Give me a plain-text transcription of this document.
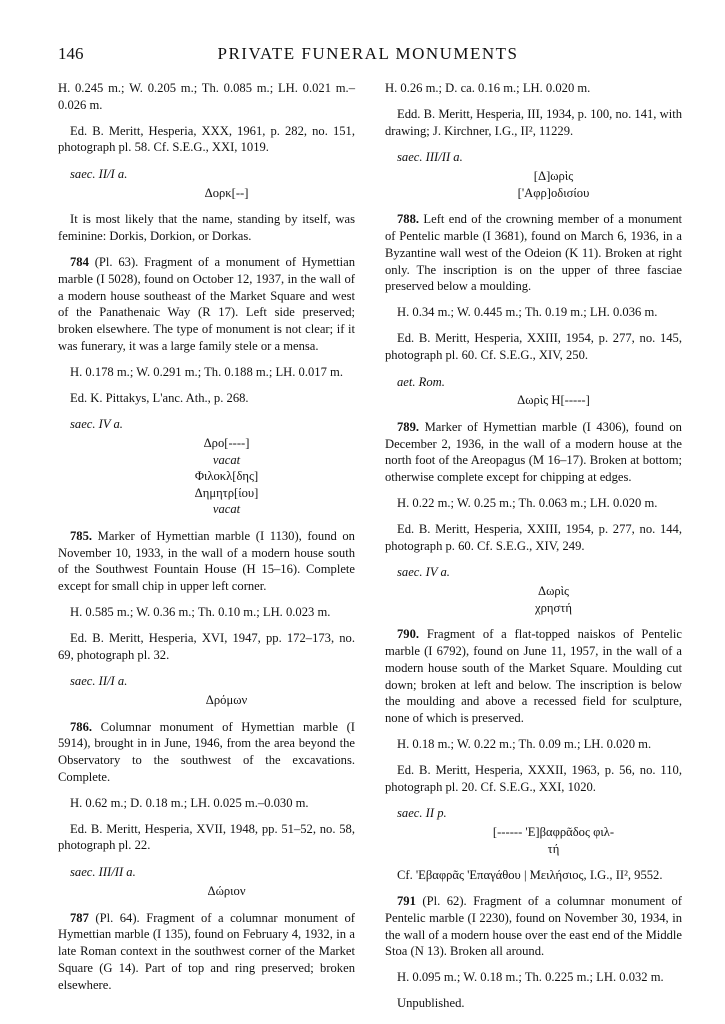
146	PRIVATE FUNERAL MONUMENTS

H. 0.245 m.; W. 0.205 m.; Th. 0.085 m.; LH. 0.021 m.–0.026 m.

Ed. B. Meritt, Hesperia, XXX, 1961, p. 282, no. 151, photograph pl. 58. Cf. S.E.G., XXI, 1019.

saec. II/I a.
Δορκ[--]

It is most likely that the name, standing by itself, was feminine: Dorkis, Dorkion, or Dorkas.

784 (Pl. 63). Fragment of a monument of Hymettian marble (I 5028), found on October 12, 1937, in the wall of a modern house southeast of the Market Square and west of the Panathenaic Way (R 17). Left side preserved; broken elsewhere. The type of monument is not clear; if it was funerary, it was a large family stele or a mensa.

H. 0.178 m.; W. 0.291 m.; Th. 0.188 m.; LH. 0.017 m.

Ed. K. Pittakys, L'anc. Ath., p. 268.

saec. IV a.
Δρο[----]
vacat
Φιλοκλ[δης]
Δημητρ[ίου]
vacat

785. Marker of Hymettian marble (I 1130), found on November 10, 1933, in the wall of a modern house south of the Southwest Fountain House (H 15–16). Complete except for small chip in upper left corner.

H. 0.585 m.; W. 0.36 m.; Th. 0.10 m.; LH. 0.023 m.

Ed. B. Meritt, Hesperia, XVI, 1947, pp. 172–173, no. 69, photograph pl. 32.

saec. II/I a.
Δρόμων

786. Columnar monument of Hymettian marble (I 5914), brought in in June, 1946, from the area beyond the Observatory to the southwest of the excavations. Complete.

H. 0.62 m.; D. 0.18 m.; LH. 0.025 m.–0.030 m.

Ed. B. Meritt, Hesperia, XVII, 1948, pp. 51–52, no. 58, photograph pl. 22.

saec. III/II a.
Δώριον

787 (Pl. 64). Fragment of a columnar monument of Hymettian marble (I 135), found on February 4, 1932, in a late Roman context in the southwest corner of the Market Square (G 14). Part of top and ring preserved; broken elsewhere.

H. 0.26 m.; D. ca. 0.16 m.; LH. 0.020 m.

Edd. B. Meritt, Hesperia, III, 1934, p. 100, no. 141, with drawing; J. Kirchner, I.G., II², 11229.

saec. III/II a.
[Δ]ωρὶς
['Αφρ]οδισίου

788. Left end of the crowning member of a monument of Pentelic marble (I 3681), found on March 6, 1936, in a Byzantine wall west of the Odeion (K 11). Broken at right only. The inscription is on the upper of three fasciae preserved below a moulding.

H. 0.34 m.; W. 0.445 m.; Th. 0.19 m.; LH. 0.036 m.

Ed. B. Meritt, Hesperia, XXIII, 1954, p. 277, no. 145, photograph pl. 60. Cf. S.E.G., XIV, 250.

aet. Rom.
Δωρὶς Η[-----]

789. Marker of Hymettian marble (I 4306), found on December 2, 1936, in the wall of a modern house at the north foot of the Areopagus (M 16–17). Broken at bottom; otherwise complete except for chipping at edges.

H. 0.22 m.; W. 0.25 m.; Th. 0.063 m.; LH. 0.020 m.

Ed. B. Meritt, Hesperia, XXIII, 1954, p. 277, no. 144, photograph p. 60. Cf. S.E.G., XIV, 249.

saec. IV a.
Δωρὶς
χρηστή

790. Fragment of a flat-topped naiskos of Pentelic marble (I 6792), found on June 11, 1957, in the wall of a modern house south of the Market Square. Moulding cut down; broken at left and below. The inscription is below the moulding and above a recessed field for sculpture, none of which is preserved.

H. 0.18 m.; W. 0.22 m.; Th. 0.09 m.; LH. 0.020 m.

Ed. B. Meritt, Hesperia, XXXII, 1963, p. 56, no. 110, photograph pl. 20. Cf. S.E.G., XXI, 1020.

saec. II p.
[------ 'Ε]βαφρᾶδος φιλ-
τή

Cf. 'Εβαφρᾶς 'Επαγάθου | Μειλήσιος, I.G., II², 9552.

791 (Pl. 62). Fragment of a columnar monument of Pentelic marble (I 2230), found on November 30, 1934, in the wall of a modern house over the east end of the Middle Stoa (N 13). Broken all around.

H. 0.095 m.; W. 0.18 m.; Th. 0.225 m.; LH. 0.032 m.

Unpublished.
